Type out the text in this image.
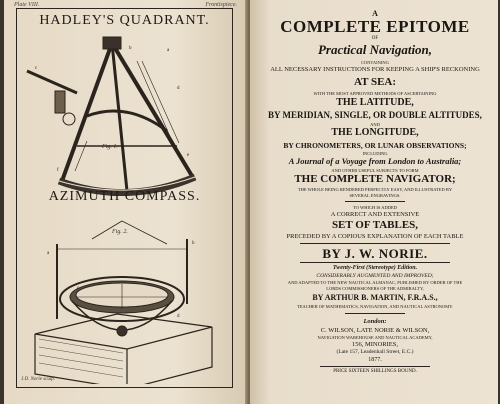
Plate VIII.	Frontispiece.
HADLEY'S QUADRANT.
a
b
c
d
e
f
Fig. 1.
AZIMUTH COMPASS.
a
b
c
d
Fig. 2.
J.D. Norie sculp.
A
COMPLETE EPITOME
OF
Practical Navigation,
CONTAINING
ALL NECESSARY INSTRUCTIONS FOR KEEPING A SHIP'S RECKONING
AT SEA:
WITH THE MOST APPROVED METHODS OF ASCERTAINING
THE LATITUDE,
BY MERIDIAN, SINGLE, OR DOUBLE ALTITUDES,
AND
THE LONGITUDE,
BY CHRONOMETERS, OR LUNAR OBSERVATIONS;
INCLUDING
A Journal of a Voyage from London to Australia;
AND OTHER USEFUL SUBJECTS TO FORM
THE COMPLETE NAVIGATOR;
THE WHOLE BEING RENDERED PERFECTLY EASY, AND ILLUSTRATED BY
SEVERAL ENGRAVINGS.
TO WHICH IS ADDED
A CORRECT AND EXTENSIVE
SET OF TABLES,
PRECEDED BY A COPIOUS EXPLANATION OF EACH TABLE
BY J. W. NORIE.
Twenty-First (Stereotype) Edition.
CONSIDERABLY AUGMENTED AND IMPROVED;
AND ADAPTED TO THE NEW NAUTICAL ALMANAC, PUBLISHED BY ORDER OF THE
LORDS COMMISSIONERS OF THE ADMIRALTY,
BY ARTHUR B. MARTIN, F.R.A.S.,
TEACHER OF MATHEMATICS, NAVIGATION, AND NAUTICAL ASTRONOMY.
London:
C. WILSON, LATE NORIE & WILSON,
NAVIGATION WAREHOUSE AND NAUTICAL ACADEMY,
156, MINORIES,
(Late 157, Leadenhall Street, E.C.)
1877.
PRICE SIXTEEN SHILLINGS BOUND.
